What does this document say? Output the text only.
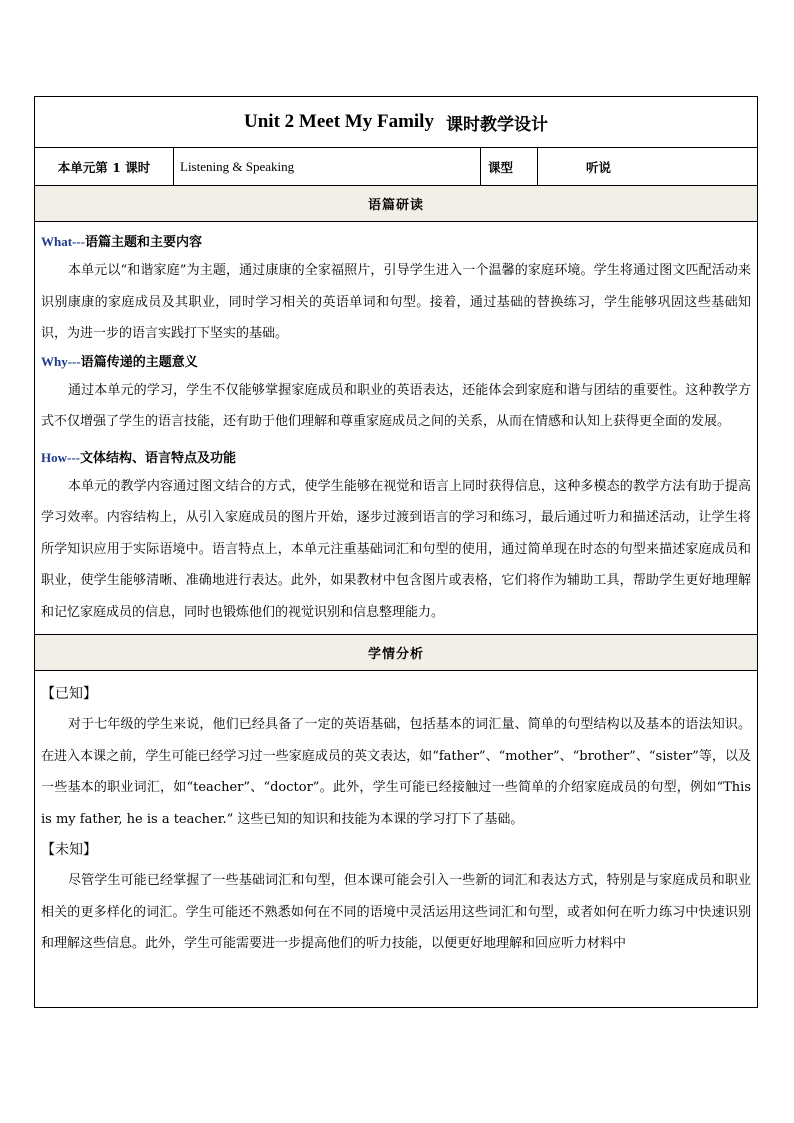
Unit 2 Meet My Family 课时教学设计
本单元第 1 课时	Listening & Speaking	课型	听说
语篇研读

What---语篇主题和主要内容

本单元以“和谐家庭”为主题，通过康康的全家福照片，引导学生进入一个温馨的家庭环境。学生将通过图文匹配活动来识别康康的家庭成员及其职业，同时学习相关的英语单词和句型。接着，通过基础的替换练习，学生能够巩固这些基础知识，为进一步的语言实践打下坚实的基础。

Why---语篇传递的主题意义

通过本单元的学习，学生不仅能够掌握家庭成员和职业的英语表达，还能体会到家庭和谐与团结的重要性。这种教学方式不仅增强了学生的语言技能，还有助于他们理解和尊重家庭成员之间的关系，从而在情感和认知上获得更全面的发展。

How---文体结构、语言特点及功能

本单元的教学内容通过图文结合的方式，使学生能够在视觉和语言上同时获得信息，这种多模态的教学方法有助于提高学习效率。内容结构上，从引入家庭成员的图片开始，逐步过渡到语言的学习和练习，最后通过听力和描述活动，让学生将所学知识应用于实际语境中。语言特点上，本单元注重基础词汇和句型的使用，通过简单现在时态的句型来描述家庭成员和职业，使学生能够清晰、准确地进行表达。此外，如果教材中包含图片或表格，它们将作为辅助工具，帮助学生更好地理解和记忆家庭成员的信息，同时也锻炼他们的视觉识别和信息整理能力。

学情分析

【已知】

对于七年级的学生来说，他们已经具备了一定的英语基础，包括基本的词汇量、简单的句型结构以及基本的语法知识。在进入本课之前，学生可能已经学习过一些家庭成员的英文表达，如“father”、“mother”、“brother”、“sister”等，以及一些基本的职业词汇，如“teacher”、“doctor”。此外，学生可能已经接触过一些简单的介绍家庭成员的句型，例如“This is my father, he is a teacher.” 这些已知的知识和技能为本课的学习打下了基础。

【未知】

尽管学生可能已经掌握了一些基础词汇和句型，但本课可能会引入一些新的词汇和表达方式，特别是与家庭成员和职业相关的更多样化的词汇。学生可能还不熟悉如何在不同的语境中灵活运用这些词汇和句型，或者如何在听力练习中快速识别和理解这些信息。此外，学生可能需要进一步提高他们的听力技能，以便更好地理解和回应听力材料中
